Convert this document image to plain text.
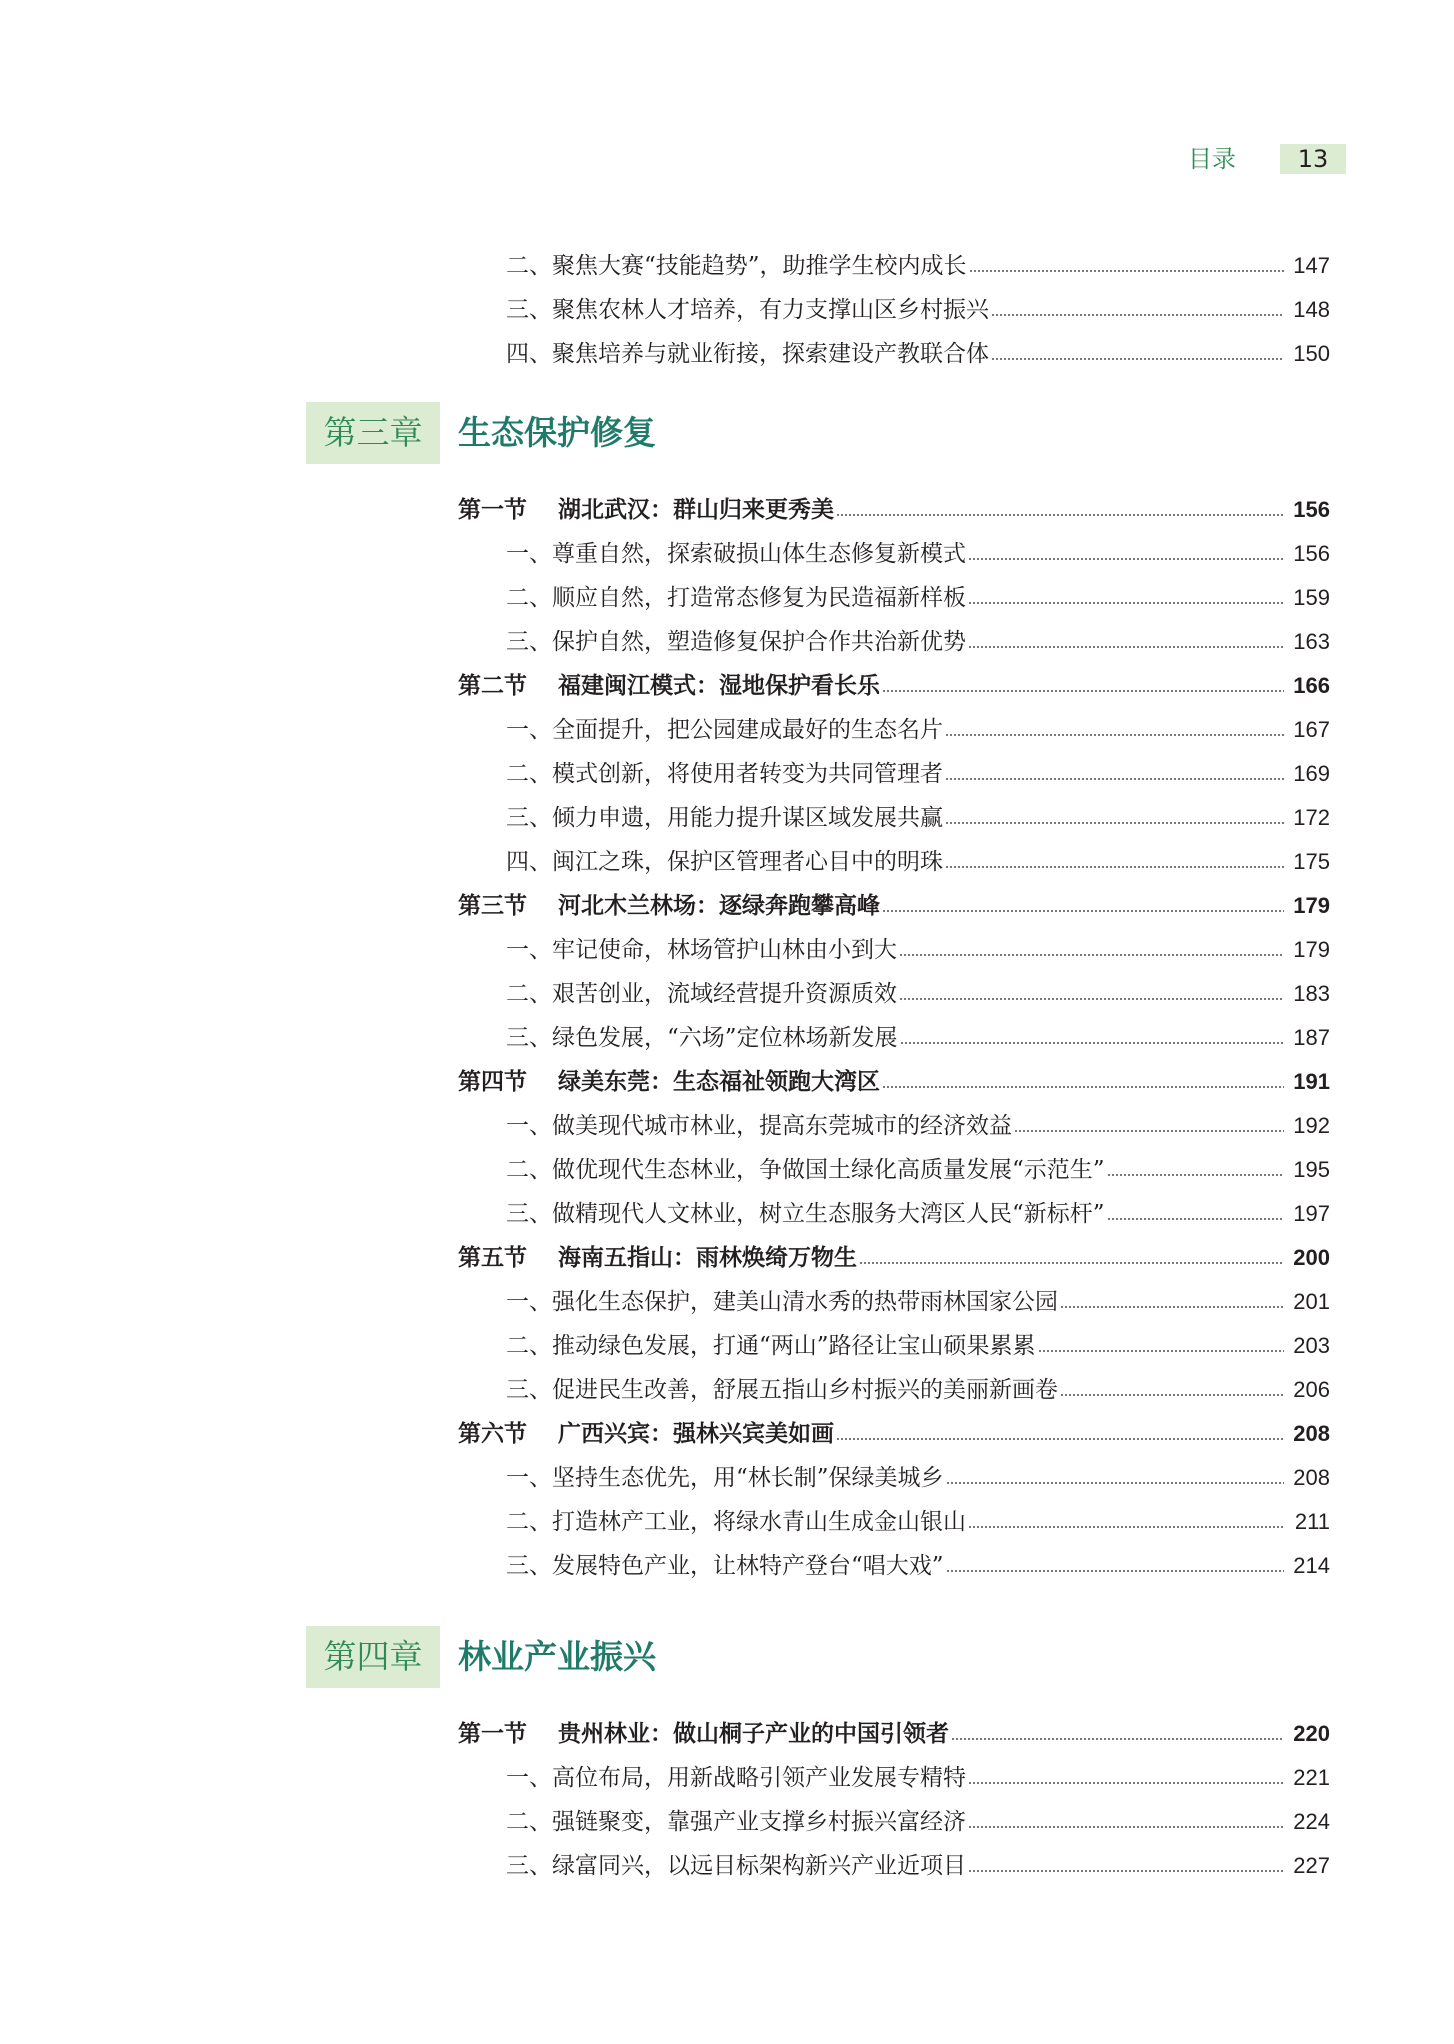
目录	13
二、聚焦大赛“技能趋势”，助推学生校内成长	147
三、聚焦农林人才培养，有力支撑山区乡村振兴	148
四、聚焦培养与就业衔接，探索建设产教联合体	150
第三章	生态保护修复
第一节 湖北武汉：群山归来更秀美	156
一、尊重自然，探索破损山体生态修复新模式	156
二、顺应自然，打造常态修复为民造福新样板	159
三、保护自然，塑造修复保护合作共治新优势	163
第二节 福建闽江模式：湿地保护看长乐	166
一、全面提升，把公园建成最好的生态名片	167
二、模式创新，将使用者转变为共同管理者	169
三、倾力申遗，用能力提升谋区域发展共赢	172
四、闽江之珠，保护区管理者心目中的明珠	175
第三节 河北木兰林场：逐绿奔跑攀高峰	179
一、牢记使命，林场管护山林由小到大	179
二、艰苦创业，流域经营提升资源质效	183
三、绿色发展，“六场”定位林场新发展	187
第四节 绿美东莞：生态福祉领跑大湾区	191
一、做美现代城市林业，提高东莞城市的经济效益	192
二、做优现代生态林业，争做国土绿化高质量发展“示范生”	195
三、做精现代人文林业，树立生态服务大湾区人民“新标杆”	197
第五节 海南五指山：雨林焕绮万物生	200
一、强化生态保护，建美山清水秀的热带雨林国家公园	201
二、推动绿色发展，打通“两山”路径让宝山硕果累累	203
三、促进民生改善，舒展五指山乡村振兴的美丽新画卷	206
第六节 广西兴宾：强林兴宾美如画	208
一、坚持生态优先，用“林长制”保绿美城乡	208
二、打造林产工业，将绿水青山生成金山银山	211
三、发展特色产业，让林特产登台“唱大戏”	214
第四章	林业产业振兴
第一节 贵州林业：做山桐子产业的中国引领者	220
一、高位布局，用新战略引领产业发展专精特	221
二、强链聚变，靠强产业支撑乡村振兴富经济	224
三、绿富同兴，以远目标架构新兴产业近项目	227
